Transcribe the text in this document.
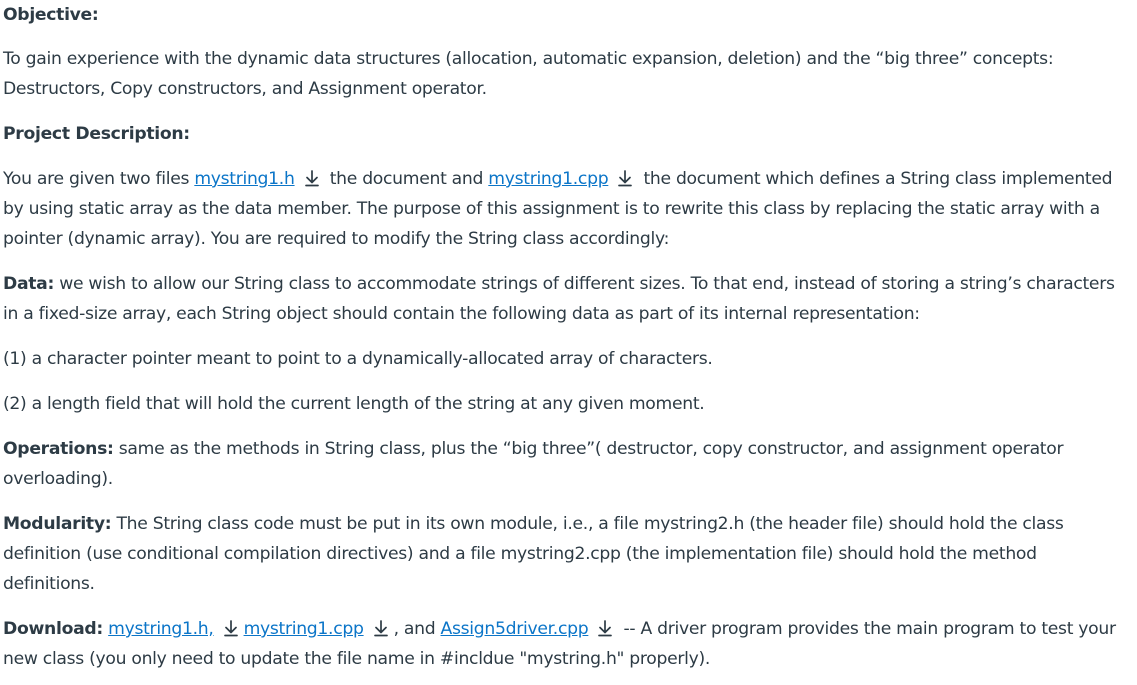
Objective:

To gain experience with the dynamic data structures (allocation, automatic expansion, deletion) and the “big three” concepts: Destructors, Copy constructors, and Assignment operator.

Project Description:

You are given two files mystring1.h
the document and mystring1.cpp
the document which defines a String class implemented by using static array as the data member. The purpose of this assignment is to rewrite this class by replacing the static array with a pointer (dynamic array). You are required to modify the String class accordingly:

Data: we wish to allow our String class to accommodate strings of different sizes. To that end, instead of storing a string’s characters in a fixed-size array, each String object should contain the following data as part of its internal representation:

(1) a character pointer meant to point to a dynamically-allocated array of characters.

(2) a length field that will hold the current length of the string at any given moment.

Operations: same as the methods in String class, plus the “big three”( destructor, copy constructor, and assignment operator overloading).

Modularity: The String class code must be put in its own module, i.e., a file mystring2.h (the header file) should hold the class definition (use conditional compilation directives) and a file mystring2.cpp (the implementation file) should hold the method definitions.

Download: mystring1.h, mystring1.cpp , and Assign5driver.cpp
-- A driver program provides the main program to test your new class (you only need to update the file name in #incldue "mystring.h" properly).
